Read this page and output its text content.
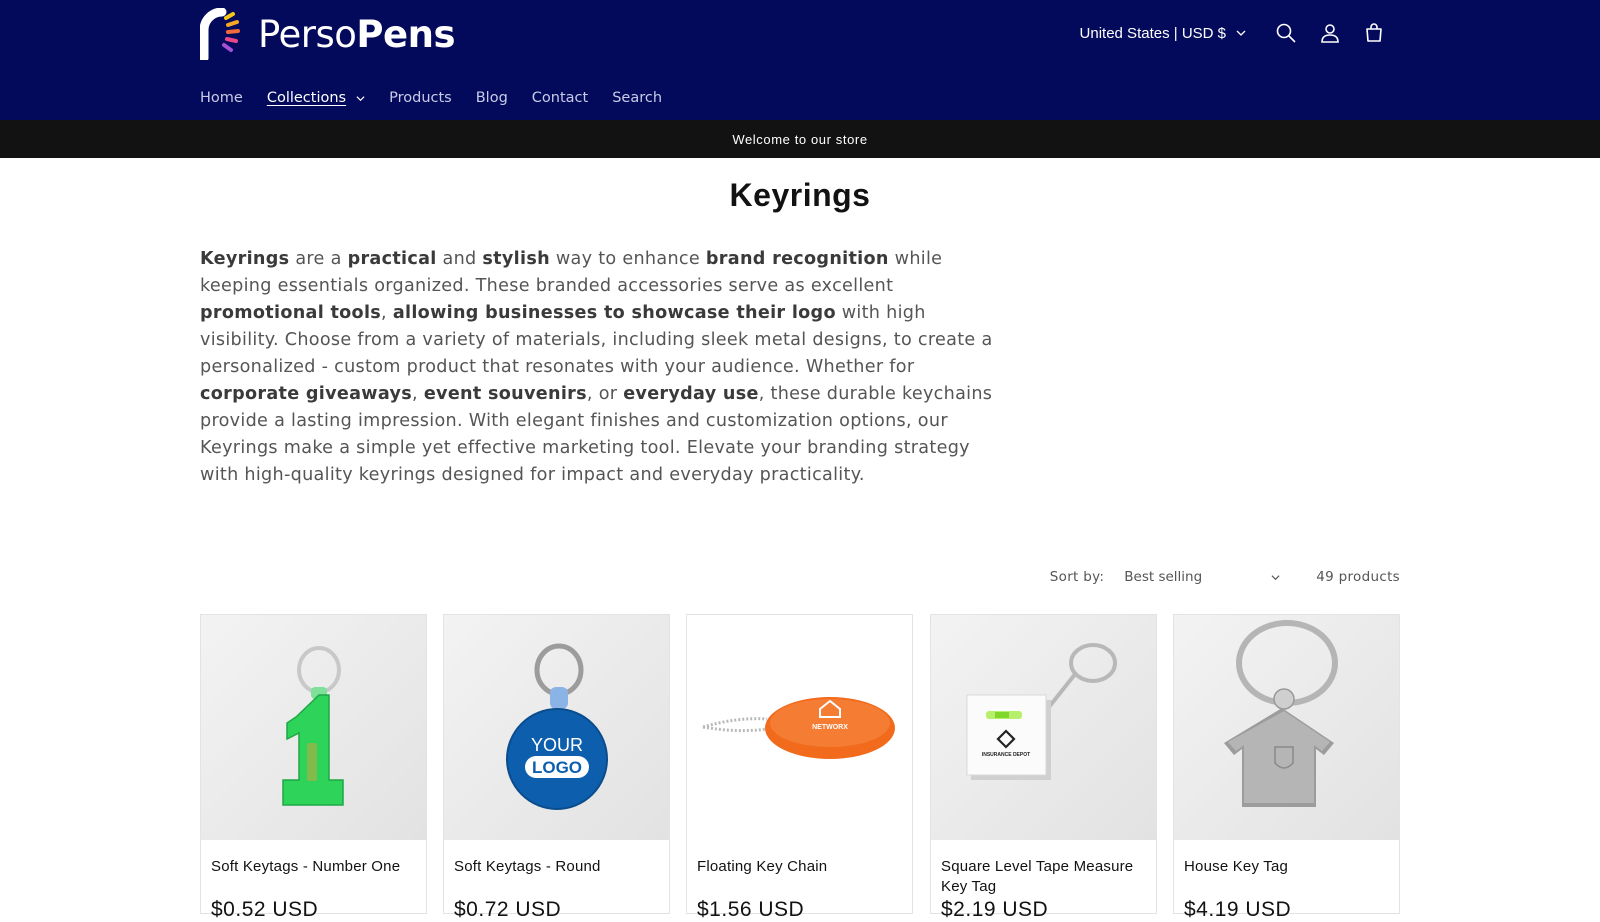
PersoPens	United States | USD $
Home Collections	Products Blog Contact Search
Welcome to our store
Keyrings
Keyrings are a practical and stylish way to enhance brand recognition while keeping essentials organized. These branded accessories serve as excellent promotional tools, allowing businesses to showcase their logo with high visibility. Choose from a variety of materials, including sleek metal designs, to create a personalized - custom product that resonates with your audience. Whether for corporate giveaways, event souvenirs, or everyday use, these durable keychains provide a lasting impression. With elegant finishes and customization options, our Keyrings make a simple yet effective marketing tool. Elevate your branding strategy with high-quality keyrings designed for impact and everyday practicality.
Sort by: Best selling	49 products
Soft Keytags - Number One
$0.52 USD
YOUR
LOGO
Soft Keytags - Round
$0.72 USD
NETWORX
Floating Key Chain
$1.56 USD
INSURANCE DEPOT
Square Level Tape Measure Key Tag
$2.19 USD
House Key Tag
$4.19 USD
